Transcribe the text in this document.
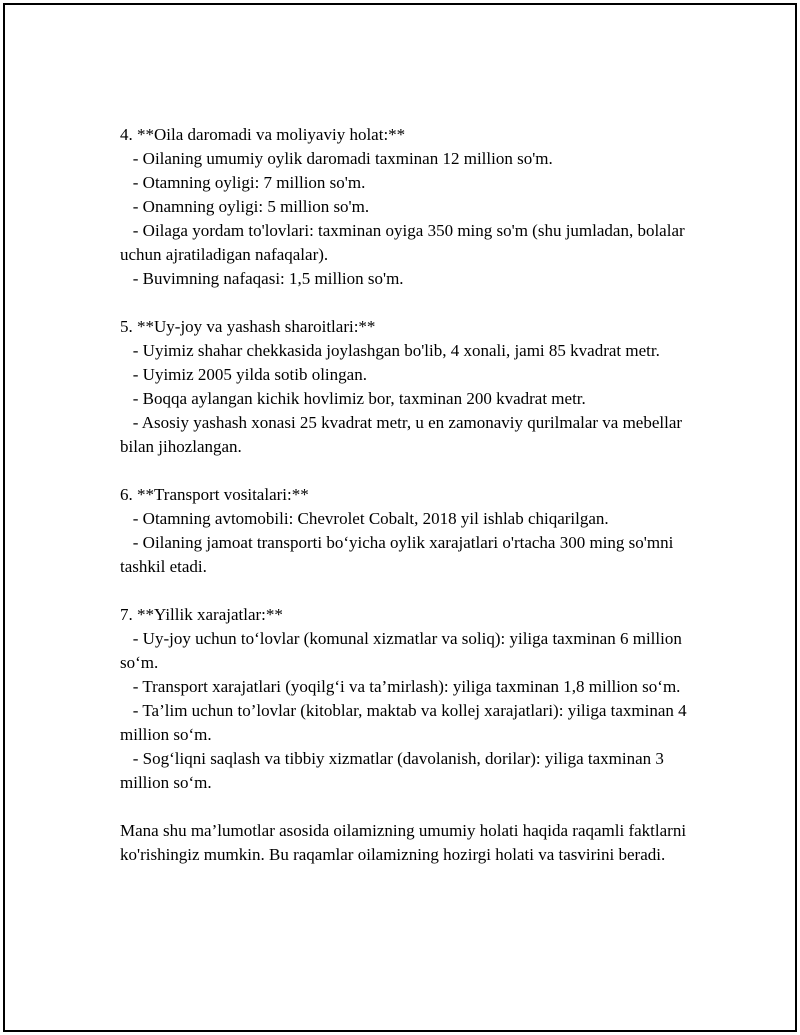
4. **Oila daromadi va moliyaviy holat:**
- Oilaning umumiy oylik daromadi taxminan 12 million so'm.
- Otamning oyligi: 7 million so'm.
- Onamning oyligi: 5 million so'm.
- Oilaga yordam to'lovlari: taxminan oyiga 350 ming so'm (shu jumladan, bolalar uchun ajratiladigan nafaqalar).
- Buvimning nafaqasi: 1,5 million so'm.
5. **Uy-joy va yashash sharoitlari:**
- Uyimiz shahar chekkasida joylashgan bo'lib, 4 xonali, jami 85 kvadrat metr.
- Uyimiz 2005 yilda sotib olingan.
- Boqqa aylangan kichik hovlimiz bor, taxminan 200 kvadrat metr.
- Asosiy yashash xonasi 25 kvadrat metr, u en zamonaviy qurilmalar va mebellar bilan jihozlangan.
6. **Transport vositalari:**
- Otamning avtomobili: Chevrolet Cobalt, 2018 yil ishlab chiqarilgan.
- Oilaning jamoat transporti bo‘yicha oylik xarajatlari o'rtacha 300 ming so'mni tashkil etadi.
7. **Yillik xarajatlar:**
- Uy-joy uchun to‘lovlar (komunal xizmatlar va soliq): yiliga taxminan 6 million so‘m.
- Transport xarajatlari (yoqilg‘i va ta’mirlash): yiliga taxminan 1,8 million so‘m.
- Ta’lim uchun to’lovlar (kitoblar, maktab va kollej xarajatlari): yiliga taxminan 4 million so‘m.
- Sog‘liqni saqlash va tibbiy xizmatlar (davolanish, dorilar): yiliga taxminan 3 million so‘m.

Mana shu ma’lumotlar asosida oilamizning umumiy holati haqida raqamli faktlarni ko'rishingiz mumkin. Bu raqamlar oilamizning hozirgi holati va tasvirini beradi.
